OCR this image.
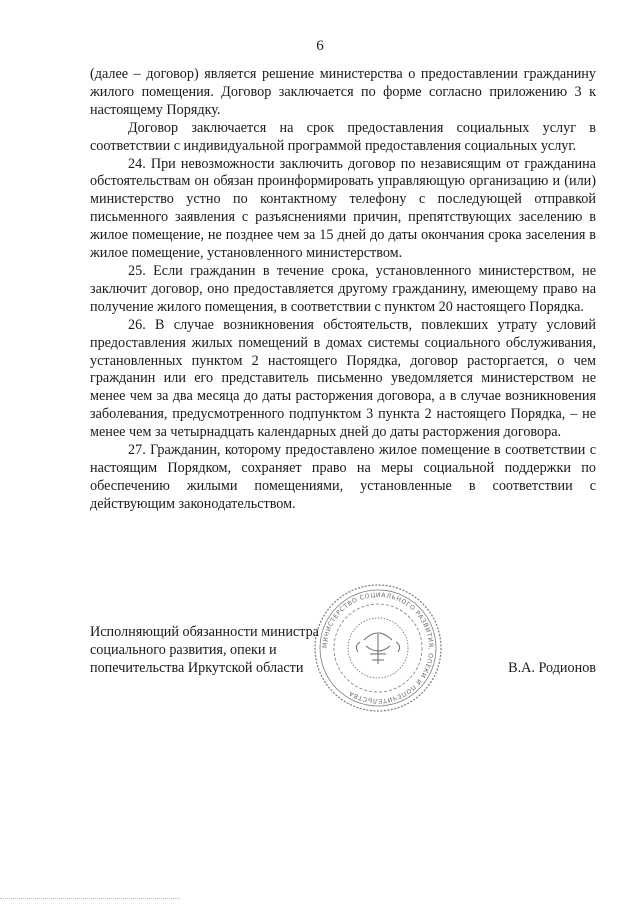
6

(далее – договор) является решение министерства о предоставлении гражданину жилого помещения. Договор заключается по форме согласно приложению 3 к настоящему Порядку.

Договор заключается на срок предоставления социальных услуг в соответствии с индивидуальной программой предоставления социальных услуг.

24. При невозможности заключить договор по независящим от гражданина обстоятельствам он обязан проинформировать управляющую организацию и (или) министерство устно по контактному телефону с последующей отправкой письменного заявления с разъяснениями причин, препятствующих заселению в жилое помещение, не позднее чем за 15 дней до даты окончания срока заселения в жилое помещение, установленного министерством.

25. Если гражданин в течение срока, установленного министерством, не заключит договор, оно предоставляется другому гражданину, имеющему право на получение жилого помещения, в соответствии с пунктом 20 настоящего Порядка.

26. В случае возникновения обстоятельств, повлекших утрату условий предоставления жилых помещений в домах системы социального обслуживания, установленных пунктом 2 настоящего Порядка, договор расторгается, о чем гражданин или его представитель письменно уведомляется министерством не менее чем за два месяца до даты расторжения договора, а в случае возникновения заболевания, предусмотренного подпунктом 3 пункта 2 настоящего Порядка, – не менее чем за четырнадцать календарных дней до даты расторжения договора.

27. Гражданин, которому предоставлено жилое помещение в соответствии с настоящим Порядком, сохраняет право на меры социальной поддержки по обеспечению жилыми помещениями, установленные в соответствии с действующим законодательством.

МИНИСТЕРСТВО СОЦИАЛЬНОГО РАЗВИТИЯ, ОПЕКИ И ПОПЕЧИТЕЛЬСТВА
Исполняющий обязанности министра
социального развития, опеки и
попечительства Иркутской области	В.А. Родионов
